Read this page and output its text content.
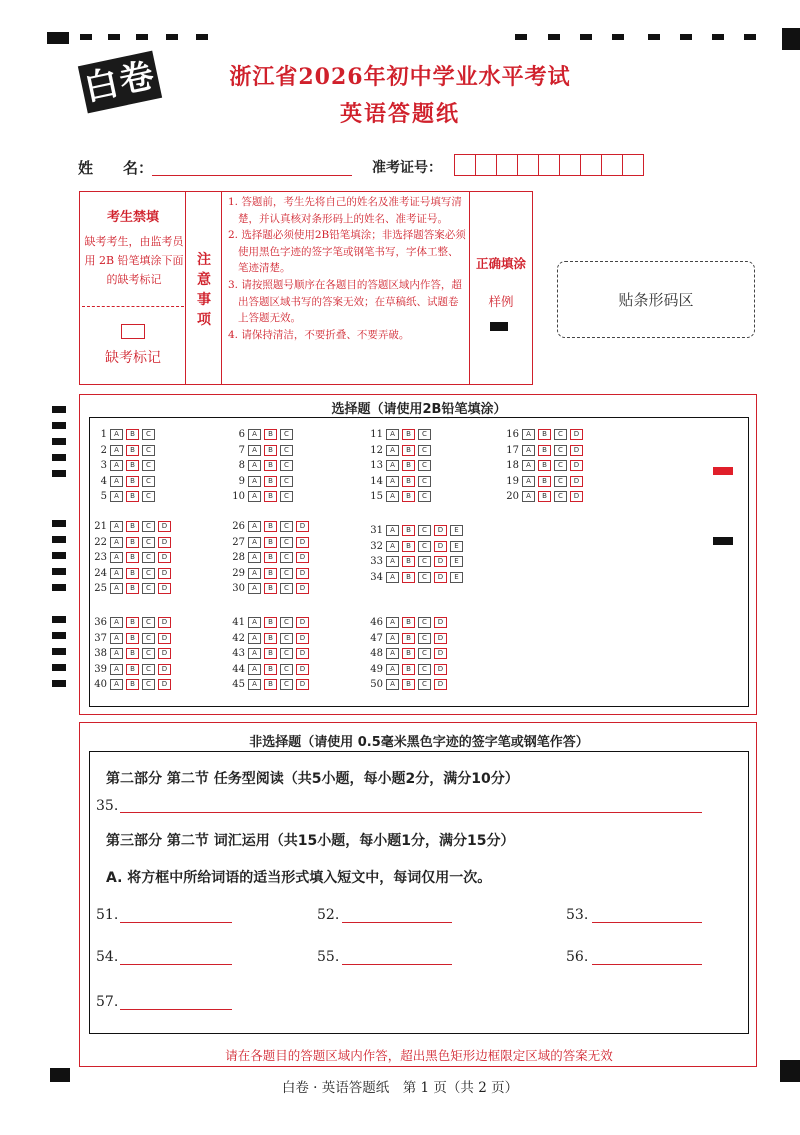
白卷	浙江省2026年初中学业水平考试
英语答题纸
姓　　名：	准考证号：
考生禁填
缺考考生，由监考员用 2B 铅笔填涂下面的缺考标记
缺考标记
注
意
事
项

1. 答题前，考生先将自己的姓名及准考证号填写清楚，并认真核对条形码上的姓名、准考证号。

2. 选择题必须使用2B铅笔填涂；非选择题答案必须使用黑色字迹的签字笔或钢笔书写，字体工整、笔迹清楚。

3. 请按照题号顺序在各题目的答题区域内作答，超出答题区域书写的答案无效；在草稿纸、试题卷上答题无效。

4. 请保持清洁，不要折叠、不要弄破。

正确填涂
样例	贴条形码区
选择题（请使用2B铅笔填涂）
1	A	B	C
2	A	B	C
3	A	B	C
4	A	B	C
5	A	B	C
6	A	B	C
7	A	B	C
8	A	B	C
9	A	B	C
10	A	B	C
11	A	B	C
12	A	B	C
13	A	B	C
14	A	B	C
15	A	B	C
16	A	B	C	D
17	A	B	C	D
18	A	B	C	D
19	A	B	C	D
20	A	B	C	D
21	A	B	C	D
22	A	B	C	D
23	A	B	C	D
24	A	B	C	D
25	A	B	C	D
26	A	B	C	D
27	A	B	C	D
28	A	B	C	D
29	A	B	C	D
30	A	B	C	D
31	A	B	C	D	E
32	A	B	C	D	E
33	A	B	C	D	E
34	A	B	C	D	E
36	A	B	C	D
37	A	B	C	D
38	A	B	C	D
39	A	B	C	D
40	A	B	C	D
41	A	B	C	D
42	A	B	C	D
43	A	B	C	D
44	A	B	C	D
45	A	B	C	D
46	A	B	C	D
47	A	B	C	D
48	A	B	C	D
49	A	B	C	D
50	A	B	C	D
非选择题（请使用 0.5毫米黑色字迹的签字笔或钢笔作答）
第二部分 第二节 任务型阅读（共5小题，每小题2分，满分10分）
35.
第三部分 第二节 词汇运用（共15小题，每小题1分，满分15分）
A. 将方框中所给词语的适当形式填入短文中，每词仅用一次。
51.	52.	53.
54.	55.	56.
57.
请在各题目的答题区域内作答，超出黑色矩形边框限定区域的答案无效
白卷 · 英语答题纸　第 1 页（共 2 页）
